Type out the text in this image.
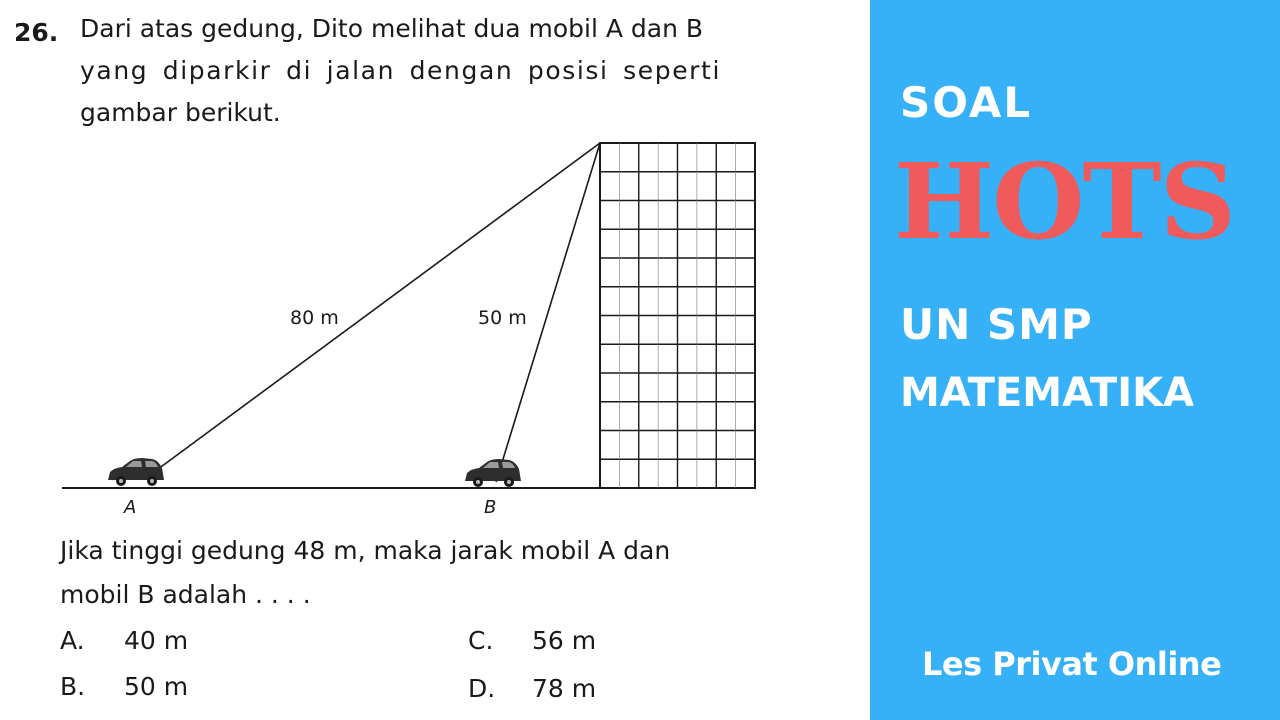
26. Dari atas gedung, Dito melihat dua mobil A dan B
yang diparkir di jalan dengan posisi seperti
gambar berikut.
80 m	50 m
A	B
Jika tinggi gedung 48 m, maka jarak mobil A dan
mobil B adalah . . . .
A. 40 m
B. 50 m
C. 56 m
D. 78 m
SOAL
HOTS
UN SMP
MATEMATIKA
Les Privat Online
